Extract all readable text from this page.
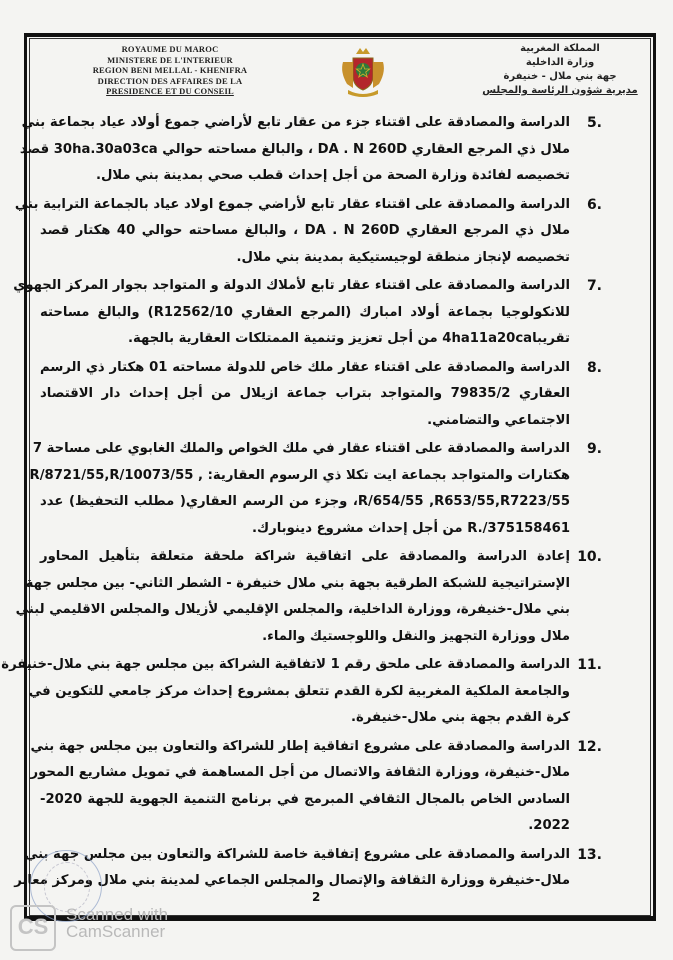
ROYAUME DU MAROC
MINISTERE DE L'INTERIEUR
REGION BENI MELLAL - KHENIFRA
DIRECTION DES AFFAIRES DE LA
PRESIDENCE ET DU CONSEIL
المملكة المغربية
وزارة الداخلية
جهة بني ملال - خنيفرة
مديرية شؤون الرئاسة والمجلس
5.
الدراسة والمصادقة على اقتناء جزء من عقار تابع لأراضي جموع أولاد عياد بجماعة بني
ملال ذي المرجع العقاري DA . N 260D ، والبالغ مساحته حوالي 30ha.30a03ca قصد
تخصيصه لفائدة وزارة الصحة من أجل إحداث قطب صحي بمدينة بني ملال.
6.
الدراسة والمصادقة على اقتناء عقار تابع لأراضي جموع اولاد عياد بالجماعة الترابية بني
ملال ذي المرجع العقاري DA . N 260D ، والبالغ مساحته حوالي 40 هكتار قصد
تخصيصه لإنجاز منطقة لوجيستيكية بمدينة بني ملال.
7.
الدراسة والمصادقة على اقتناء عقار تابع لأملاك الدولة و المتواجد بجوار المركز الجهوي
للانكولوجيا بجماعة أولاد امبارك (المرجع العقاري R12562/10) والبالغ مساحته
تقريبا4ha11a20ca من أجل تعزيز وتنمية الممتلكات العقارية بالجهة.
8.
الدراسة والمصادقة على اقتناء عقار ملك خاص للدولة مساحته 01 هكتار ذي الرسم
العقاري 79835/2 والمتواجد بتراب جماعة ازيلال من أجل إحداث دار الاقتصاد
الاجتماعي والتضامني.
9.
الدراسة والمصادقة على اقتناء عقار في ملك الخواص والملك الغابوي على مساحة 7
هكتارات والمتواجد بجماعة ايت تكلا ذي الرسوم العقارية: , R/8721/55,R/10073/55
R/654/55 ,R653/55,R7223/55، وجزء من الرسم العقاري( مطلب التحفيظ) عدد
R./375158461 من أجل إحداث مشروع دينوبارك.
10.
إعادة الدراسة والمصادقة على اتفاقية شراكة ملحقة متعلقة بتأهيل المحاور
الإستراتيجية للشبكة الطرقية بجهة بني ملال خنيفرة - الشطر الثاني- بين مجلس جهة
بني ملال-خنيفرة، ووزارة الداخلية، والمجلس الإقليمي لأزيلال والمجلس الاقليمي لبني
ملال ووزارة التجهيز والنقل واللوجستيك والماء.
11.
الدراسة والمصادقة على ملحق رقم 1 لاتفاقية الشراكة بين مجلس جهة بني ملال-خنيفرة
والجامعة الملكية المغربية لكرة القدم تتعلق بمشروع إحداث مركز جامعي للتكوين في
كرة القدم بجهة بني ملال-خنيفرة.
12.
الدراسة والمصادقة على مشروع اتفاقية إطار للشراكة والتعاون بين مجلس جهة بني
ملال-خنيفرة، ووزارة الثقافة والاتصال من أجل المساهمة في تمويل مشاريع المحور
السادس الخاص بالمجال الثقافي المبرمج في برنامج التنمية الجهوية للجهة 2020-
2022.
13.
الدراسة والمصادقة على مشروع إتفاقية خاصة للشراكة والتعاون بين مجلس جهة بني
ملال-خنيفرة ووزارة الثقافة والإتصال والمجلس الجماعي لمدينة بني ملال ومركز معابر
2
CS	Scanned with
CamScanner
